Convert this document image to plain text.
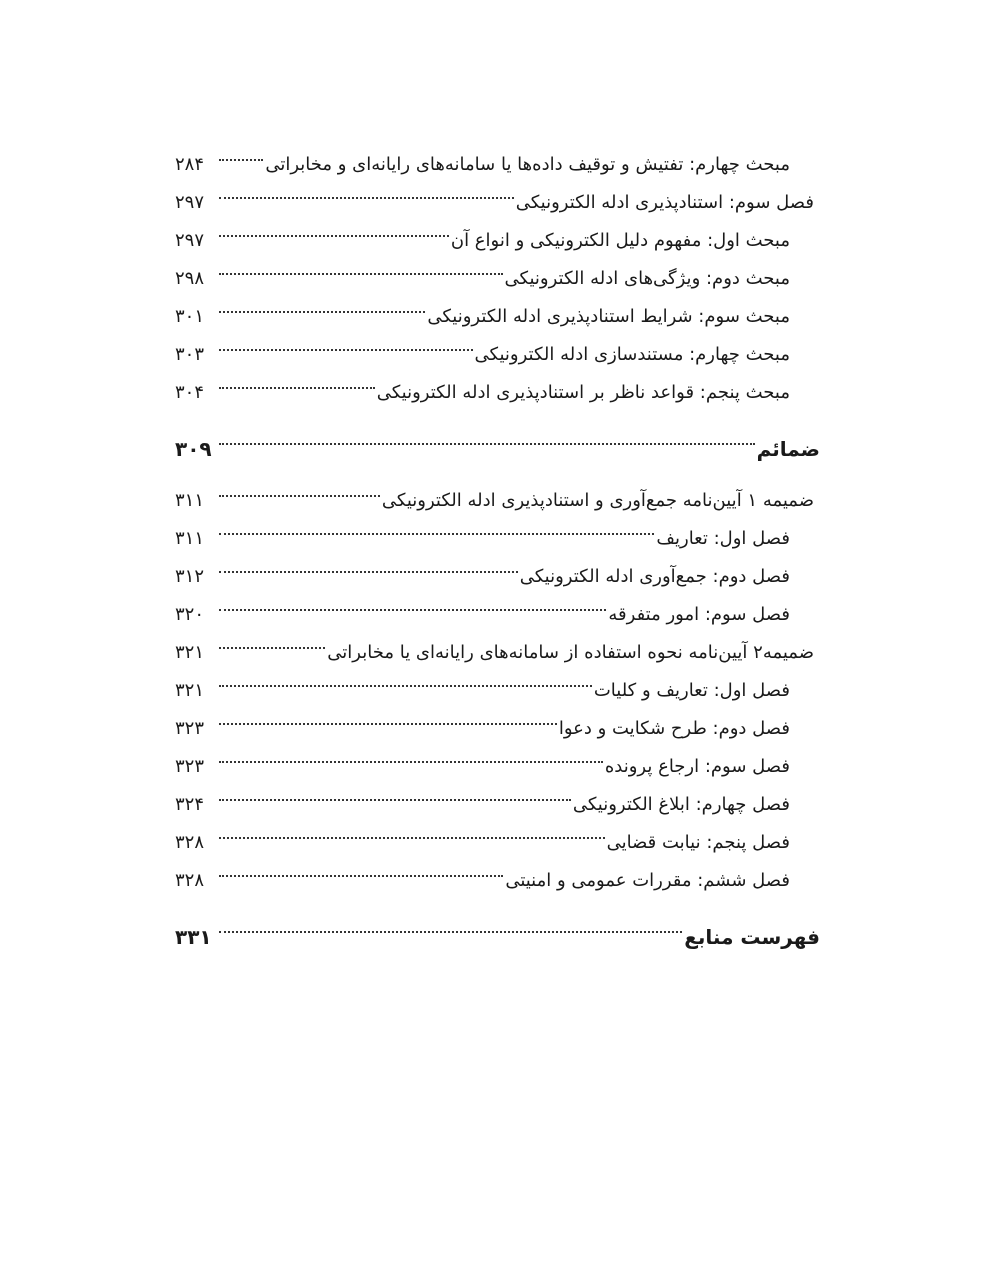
مبحث چهارم: تفتیش و توقیف داده‌ها یا سامانه‌های رایانه‌ای و مخابراتی
۲۸۴
فصل سوم: استنادپذیری ادله الکترونیکی
۲۹۷
مبحث اول: مفهوم دلیل الکترونیکی و انواع آن
۲۹۷
مبحث دوم: ویژگی‌های ادله الکترونیکی
۲۹۸
مبحث سوم: شرایط استنادپذیری ادله الکترونیکی
۳۰۱
مبحث چهارم: مستندسازی ادله الکترونیکی
۳۰۳
مبحث پنجم: قواعد ناظر بر استنادپذیری ادله الکترونیکی
۳۰۴
ضمائم
۳۰۹
ضمیمه ۱ آیین‌نامه جمع‌آوری و استنادپذیری ادله الکترونیکی
۳۱۱
فصل اول: تعاریف
۳۱۱
فصل دوم: جمع‌آوری ادله الکترونیکی
۳۱۲
فصل سوم: امور متفرقه
۳۲۰
ضمیمه۲ آیین‌نامه نحوه استفاده از سامانه‌های رایانه‌ای یا مخابراتی
۳۲۱
فصل اول: تعاریف و کلیات
۳۲۱
فصل دوم: طرح شکایت و دعوا
۳۲۳
فصل سوم: ارجاع پرونده
۳۲۳
فصل چهارم: ابلاغ الکترونیکی
۳۲۴
فصل پنجم: نیابت قضایی
۳۲۸
فصل ششم: مقررات عمومی و امنیتی
۳۲۸
فهرست منابع
۳۳۱
